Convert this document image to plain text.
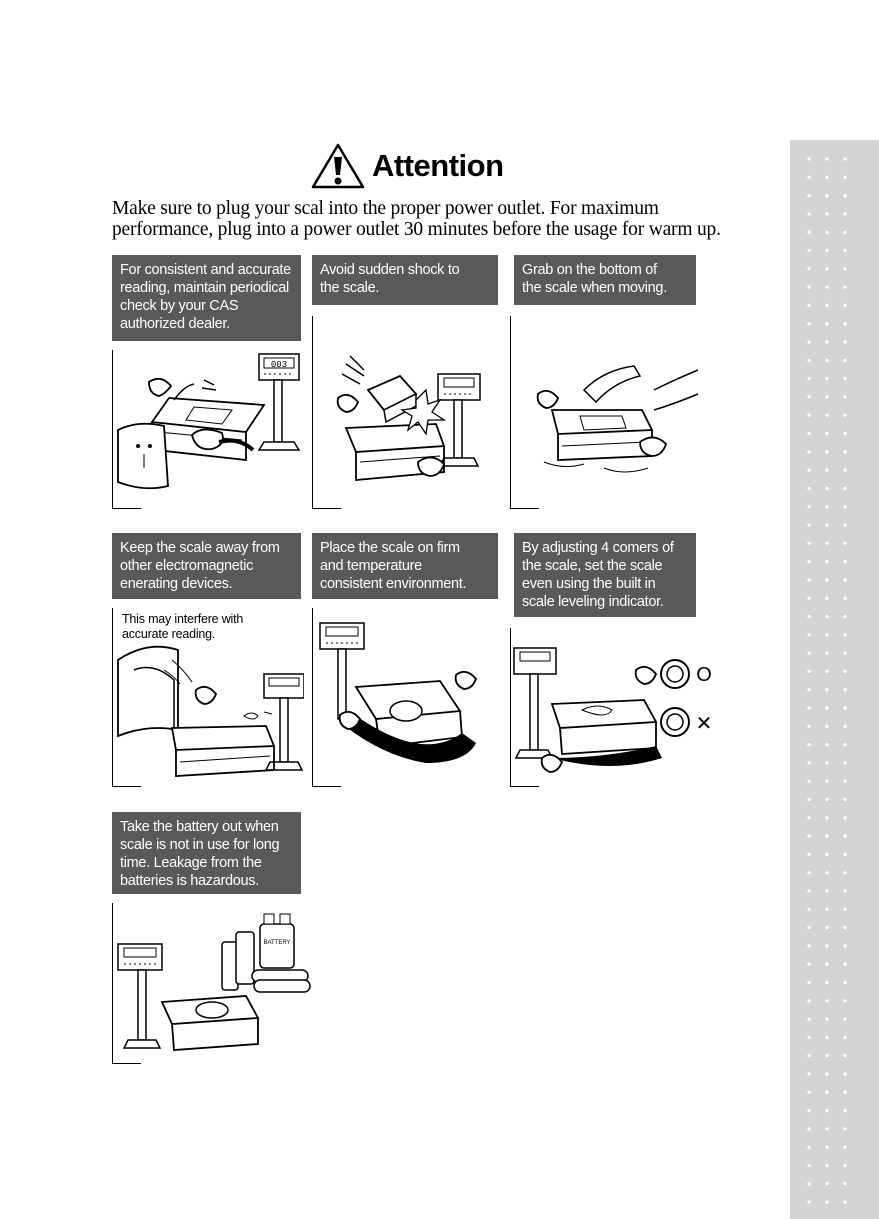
Attention
Make sure to plug your scal into the proper power outlet. For maximum
performance, plug into a power outlet 30 minutes before the usage for warm up.
For consistent and accurate
reading, maintain periodical
check by your CAS
authorized dealer.
Avoid sudden shock to
the scale.
Grab on the bottom of
the scale when moving.
003
Keep the scale away from
other electromagnetic
enerating devices.
Place the scale on firm
and temperature
consistent environment.
By adjusting 4 comers of
the scale, set the scale
even using the built in
scale leveling indicator.
This may interfere with
accurate reading.
O
✕
Take the battery out when
scale is not in use for long
time. Leakage from the
batteries is hazardous.
BATTERY
